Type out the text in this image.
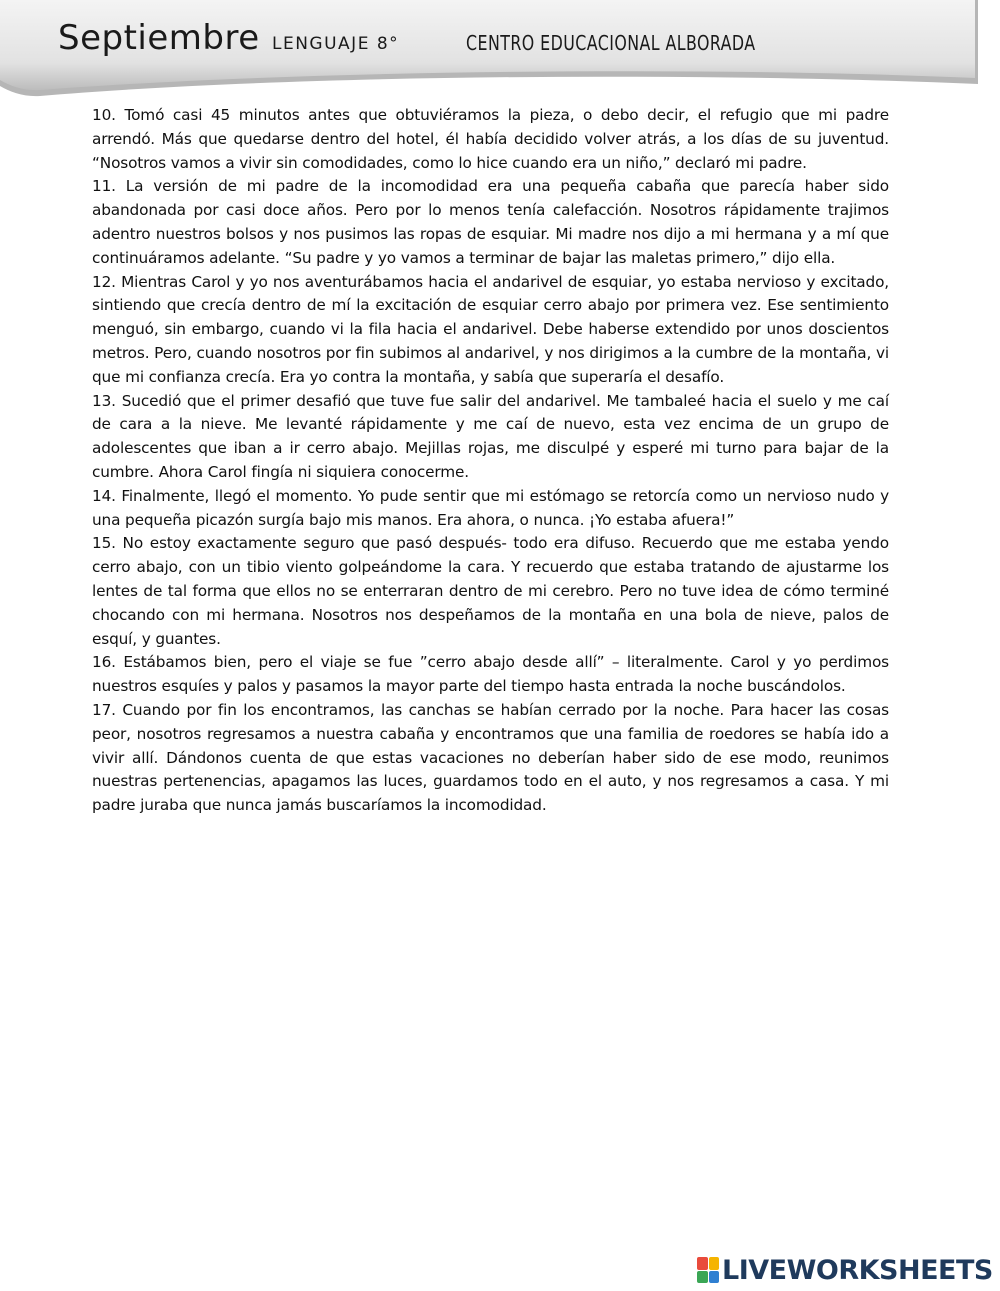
Septiembre LENGUAJE 8°	CENTRO EDUCACIONAL ALBORADA

10. Tomó casi 45 minutos antes que obtuviéramos la pieza, o debo decir, el refugio que mi padre arrendó. Más que quedarse dentro del hotel, él había decidido volver atrás, a los días de su juventud. “Nosotros vamos a vivir sin comodidades, como lo hice cuando era un niño,” declaró mi padre.

11. La versión de mi padre de la incomodidad era una pequeña cabaña que parecía haber sido abandonada por casi doce años. Pero por lo menos tenía calefacción. Nosotros rápidamente trajimos adentro nuestros bolsos y nos pusimos las ropas de esquiar. Mi madre nos dijo a mi hermana y a mí que continuáramos adelante. “Su padre y yo vamos a terminar de bajar las maletas primero,” dijo ella.

12. Mientras Carol y yo nos aventurábamos hacia el andarivel de esquiar, yo estaba nervioso y excitado, sintiendo que crecía dentro de mí la excitación de esquiar cerro abajo por primera vez. Ese sentimiento menguó, sin embargo, cuando vi la fila hacia el andarivel. Debe haberse extendido por unos doscientos metros. Pero, cuando nosotros por fin subimos al andarivel, y nos dirigimos a la cumbre de la montaña, vi que mi confianza crecía. Era yo contra la montaña, y sabía que superaría el desafío.

13. Sucedió que el primer desafió que tuve fue salir del andarivel. Me tambaleé hacia el suelo y me caí de cara a la nieve. Me levanté rápidamente y me caí de nuevo, esta vez encima de un grupo de adolescentes que iban a ir cerro abajo. Mejillas rojas, me disculpé y esperé mi turno para bajar de la cumbre. Ahora Carol fingía ni siquiera conocerme.

14. Finalmente, llegó el momento. Yo pude sentir que mi estómago se retorcía como un nervioso nudo y una pequeña picazón surgía bajo mis manos. Era ahora, o nunca. ¡Yo estaba afuera!”

15. No estoy exactamente seguro que pasó después- todo era difuso. Recuerdo que me estaba yendo cerro abajo, con un tibio viento golpeándome la cara. Y recuerdo que estaba tratando de ajustarme los lentes de tal forma que ellos no se enterraran dentro de mi cerebro. Pero no tuve idea de cómo terminé chocando con mi hermana. Nosotros nos despeñamos de la montaña en una bola de nieve, palos de esquí, y guantes.

16. Estábamos bien, pero el viaje se fue ”cerro abajo desde allí” – literalmente. Carol y yo perdimos nuestros esquíes y palos y pasamos la mayor parte del tiempo hasta entrada la noche buscándolos.

17. Cuando por fin los encontramos, las canchas se habían cerrado por la noche. Para hacer las cosas peor, nosotros regresamos a nuestra cabaña y encontramos que una familia de roedores se había ido a vivir allí. Dándonos cuenta de que estas vacaciones no deberían haber sido de ese modo, reunimos nuestras pertenencias, apagamos las luces, guardamos todo en el auto, y nos regresamos a casa. Y mi padre juraba que nunca jamás buscaríamos la incomodidad.

LIVEWORKSHEETS
